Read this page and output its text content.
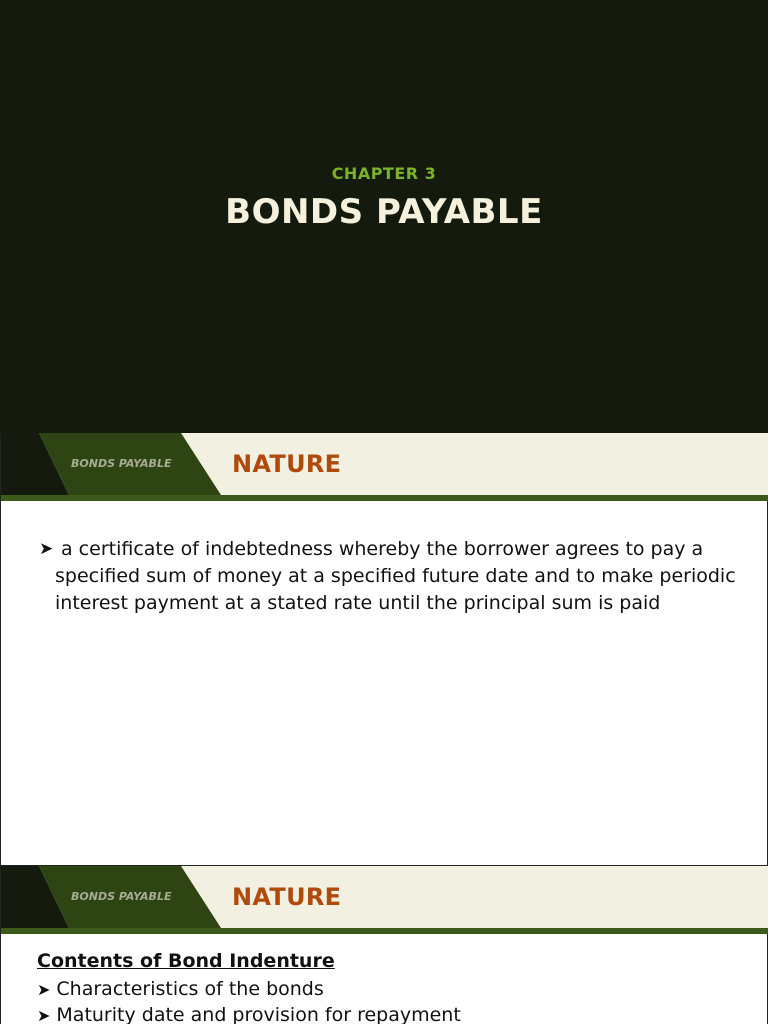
CHAPTER 3
BONDS PAYABLE
BONDS PAYABLE	NATURE
➤ a certificate of indebtedness whereby the borrower agrees to pay a specified sum of money at a specified future date and to make periodic interest payment at a stated rate until the principal sum is paid
BONDS PAYABLE	NATURE
Contents of Bond Indenture
➤ Characteristics of the bonds
➤ Maturity date and provision for repayment
